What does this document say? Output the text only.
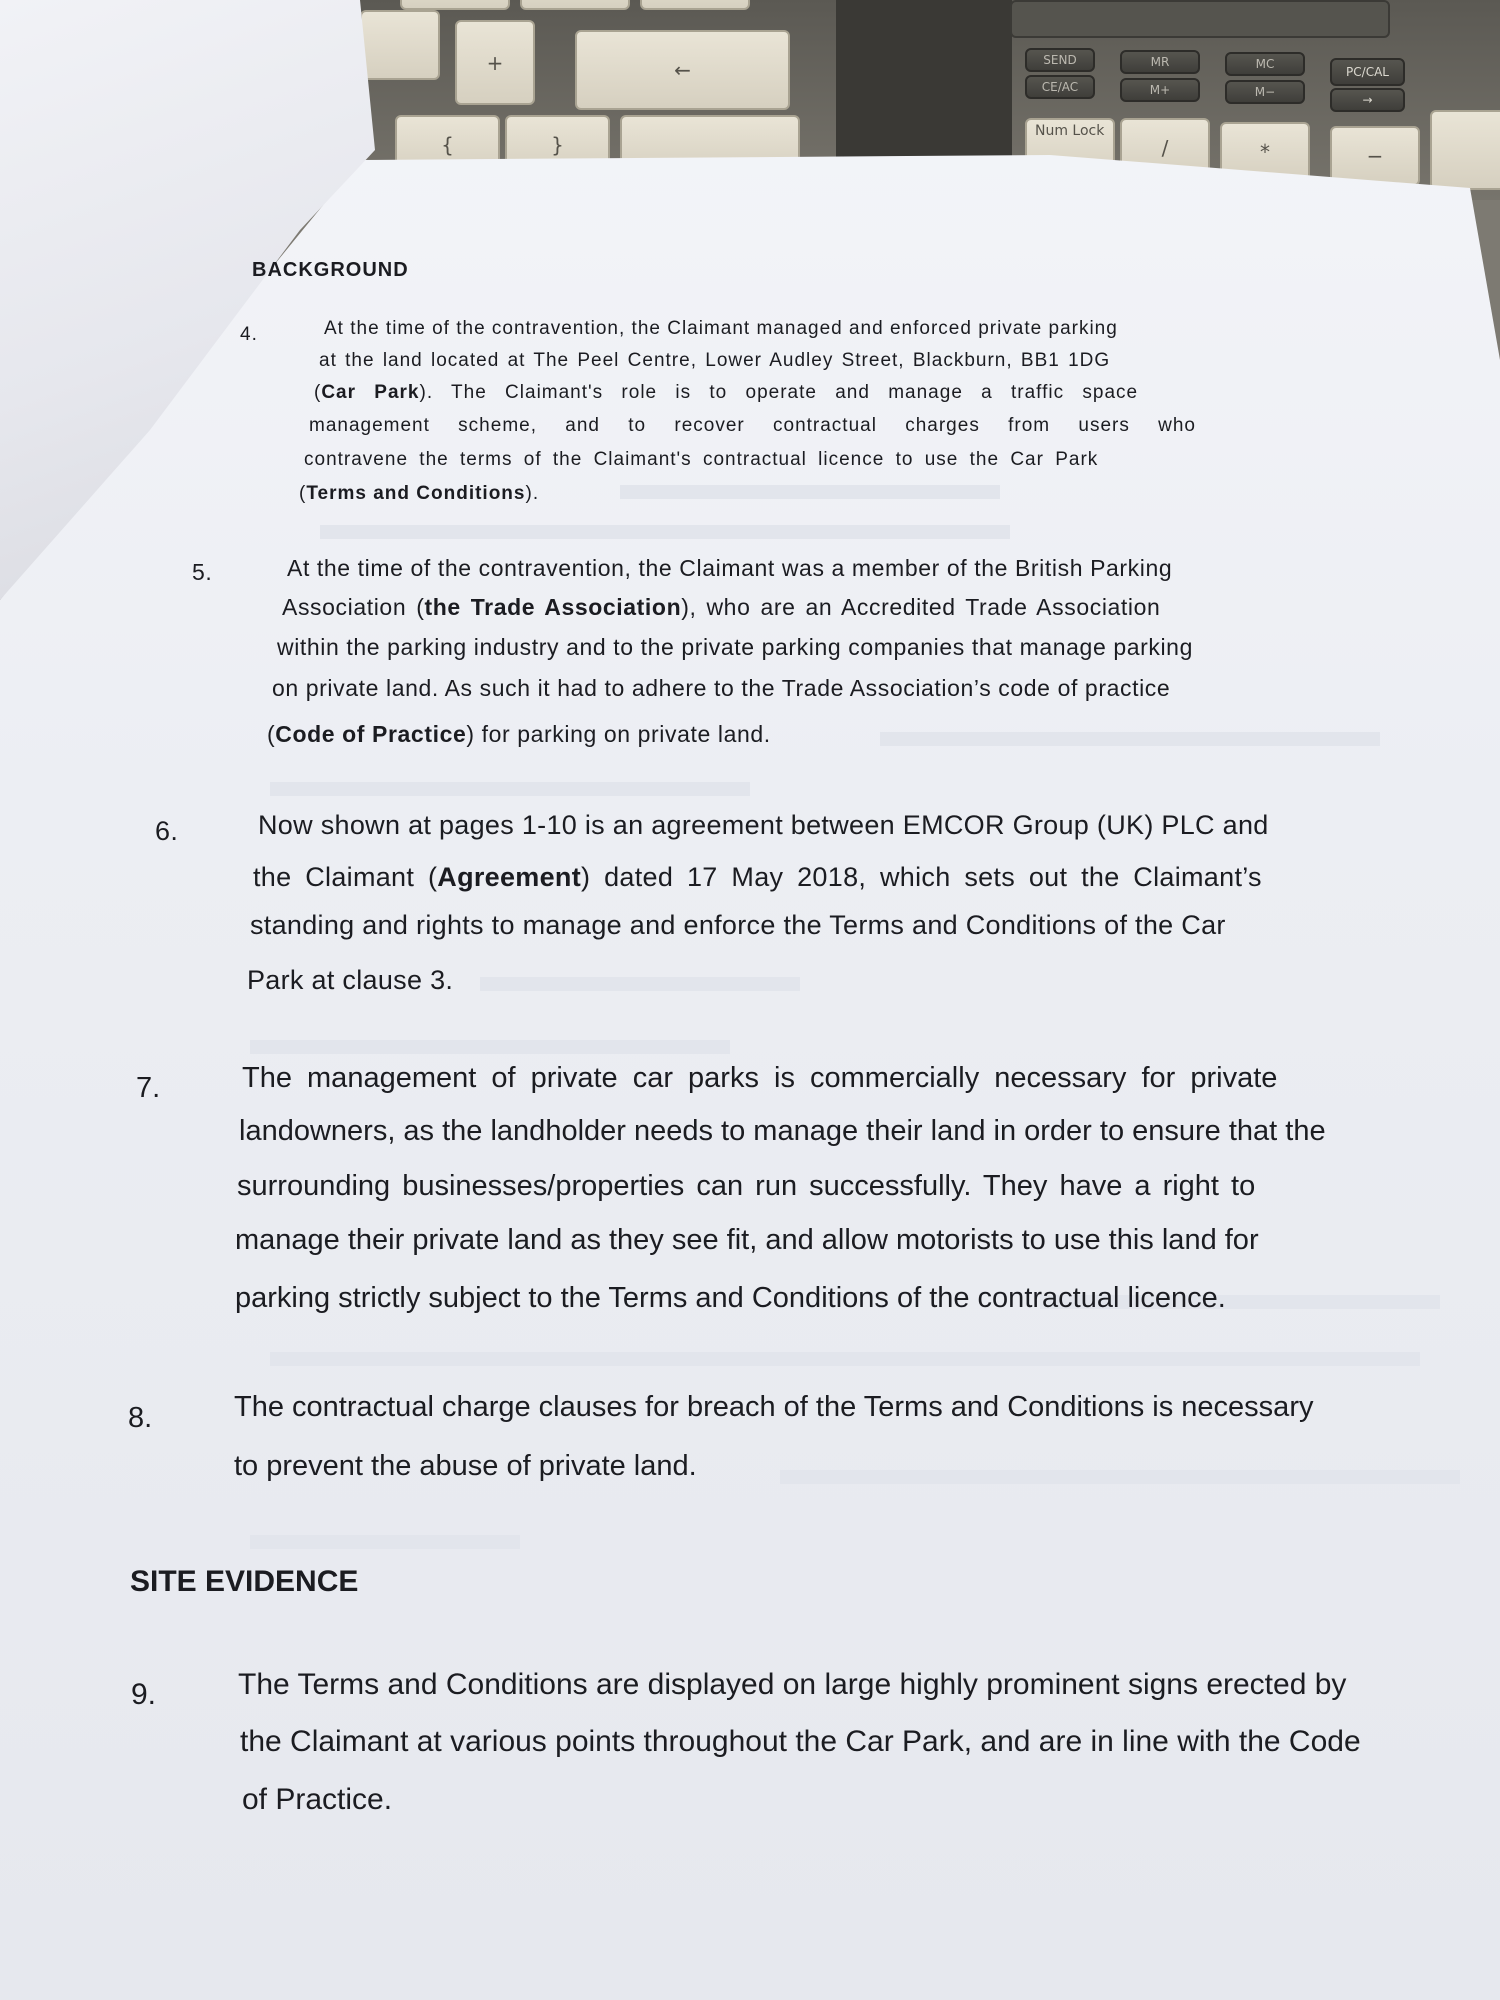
+	←
{	}
SEND
CE/AC
MR
M+
MC
M−
PC/CAL
→
Num Lock
/	*	−
BACKGROUND
4.	At the time of the contravention, the Claimant managed and enforced private parking
at the land located at The Peel Centre, Lower Audley Street, Blackburn, BB1 1DG
(Car Park). The Claimant's role is to operate and manage a traffic space
management scheme, and to recover contractual charges from users who
contravene the terms of the Claimant's contractual licence to use the Car Park
(Terms and Conditions).
5.	At the time of the contravention, the Claimant was a member of the British Parking
Association (the Trade Association), who are an Accredited Trade Association
within the parking industry and to the private parking companies that manage parking
on private land. As such it had to adhere to the Trade Association’s code of practice
(Code of Practice) for parking on private land.
6.	Now shown at pages 1-10 is an agreement between EMCOR Group (UK) PLC and
the Claimant (Agreement) dated 17 May 2018, which sets out the Claimant’s
standing and rights to manage and enforce the Terms and Conditions of the Car
Park at clause 3.
7.	The management of private car parks is commercially necessary for private
landowners, as the landholder needs to manage their land in order to ensure that the
surrounding businesses/properties can run successfully. They have a right to
manage their private land as they see fit, and allow motorists to use this land for
parking strictly subject to the Terms and Conditions of the contractual licence.
8.	The contractual charge clauses for breach of the Terms and Conditions is necessary
to prevent the abuse of private land.
SITE EVIDENCE
9.	The Terms and Conditions are displayed on large highly prominent signs erected by
the Claimant at various points throughout the Car Park, and are in line with the Code
of Practice.
